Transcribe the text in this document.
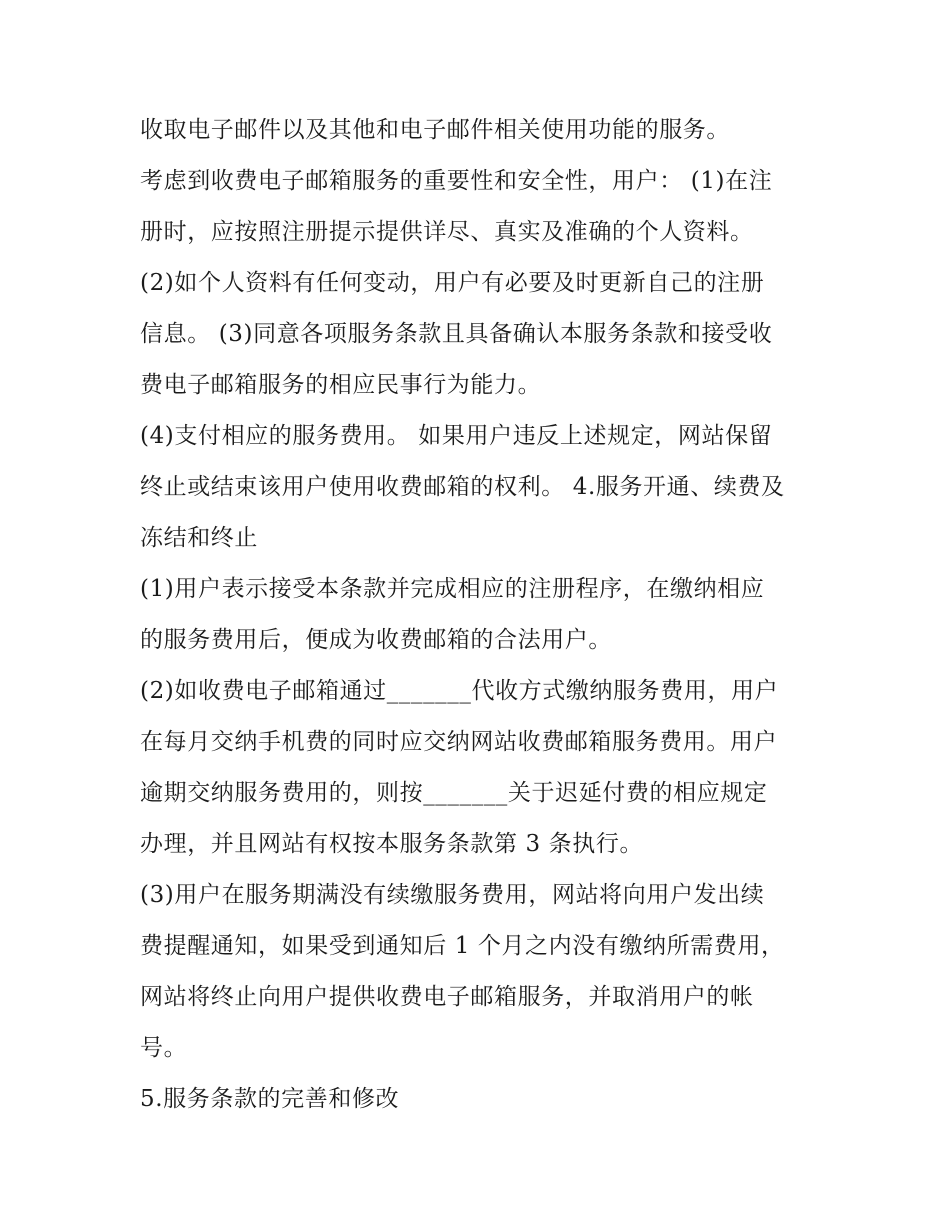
收取电子邮件以及其他和电子邮件相关使用功能的服务。
考虑到收费电子邮箱服务的重要性和安全性，用户： (1)在注
册时，应按照注册提示提供详尽、真实及准确的个人资料。
(2)如个人资料有任何变动，用户有必要及时更新自己的注册
信息。 (3)同意各项服务条款且具备确认本服务条款和接受收
费电子邮箱服务的相应民事行为能力。
(4)支付相应的服务费用。 如果用户违反上述规定，网站保留
终止或结束该用户使用收费邮箱的权利。 4.服务开通、续费及
冻结和终止
(1)用户表示接受本条款并完成相应的注册程序，在缴纳相应
的服务费用后，便成为收费邮箱的合法用户。
(2)如收费电子邮箱通过_______代收方式缴纳服务费用，用户
在每月交纳手机费的同时应交纳网站收费邮箱服务费用。用户
逾期交纳服务费用的，则按_______关于迟延付费的相应规定
办理，并且网站有权按本服务条款第 3 条执行。
(3)用户在服务期满没有续缴服务费用，网站将向用户发出续
费提醒通知，如果受到通知后 1 个月之内没有缴纳所需费用，
网站将终止向用户提供收费电子邮箱服务，并取消用户的帐
号。
5.服务条款的完善和修改
